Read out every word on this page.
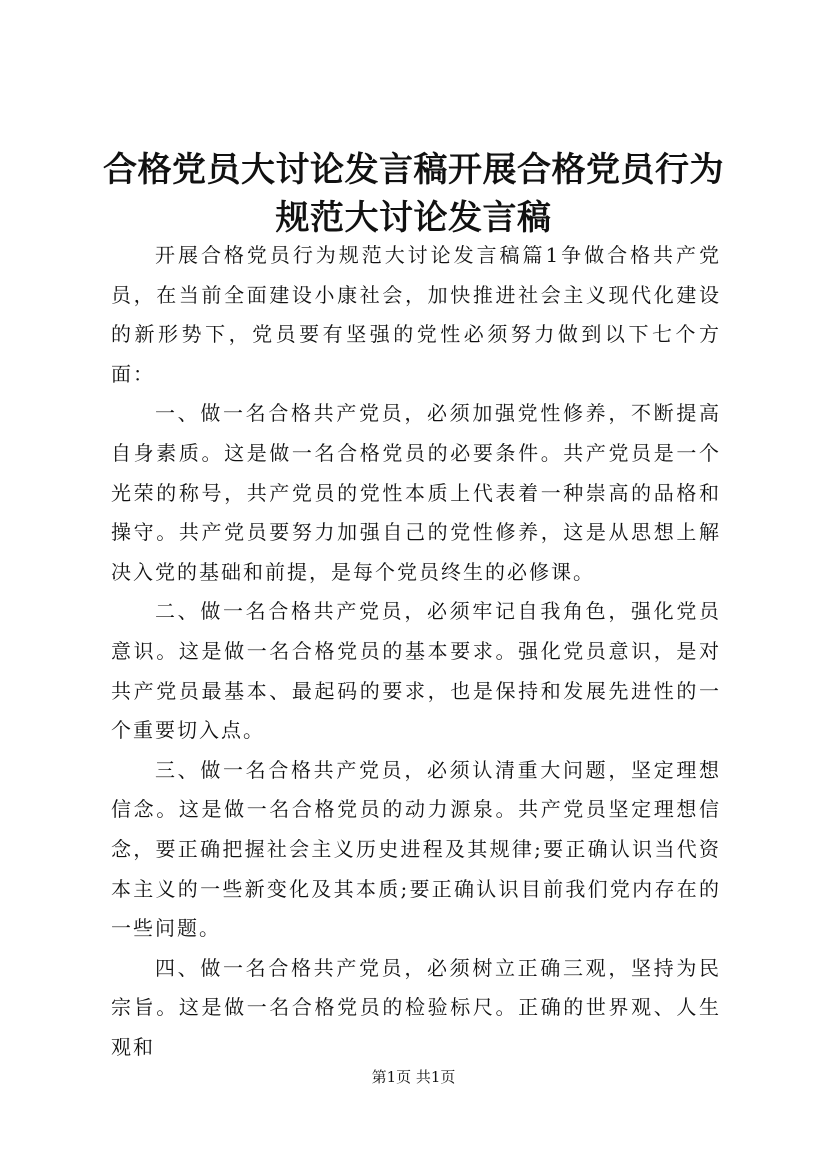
合格党员大讨论发言稿开展合格党员行为规范大讨论发言稿

开展合格党员行为规范大讨论发言稿篇1争做合格共产党员，在当前全面建设小康社会，加快推进社会主义现代化建设的新形势下，党员要有坚强的党性必须努力做到以下七个方面：

一、做一名合格共产党员，必须加强党性修养，不断提高自身素质。这是做一名合格党员的必要条件。共产党员是一个光荣的称号，共产党员的党性本质上代表着一种崇高的品格和操守。共产党员要努力加强自己的党性修养，这是从思想上解决入党的基础和前提，是每个党员终生的必修课。

二、做一名合格共产党员，必须牢记自我角色，强化党员意识。这是做一名合格党员的基本要求。强化党员意识，是对共产党员最基本、最起码的要求，也是保持和发展先进性的一个重要切入点。

三、做一名合格共产党员，必须认清重大问题，坚定理想信念。这是做一名合格党员的动力源泉。共产党员坚定理想信念，要正确把握社会主义历史进程及其规律;要正确认识当代资本主义的一些新变化及其本质;要正确认识目前我们党内存在的一些问题。

四、做一名合格共产党员，必须树立正确三观，坚持为民宗旨。这是做一名合格党员的检验标尺。正确的世界观、人生观和

第1页 共1页
